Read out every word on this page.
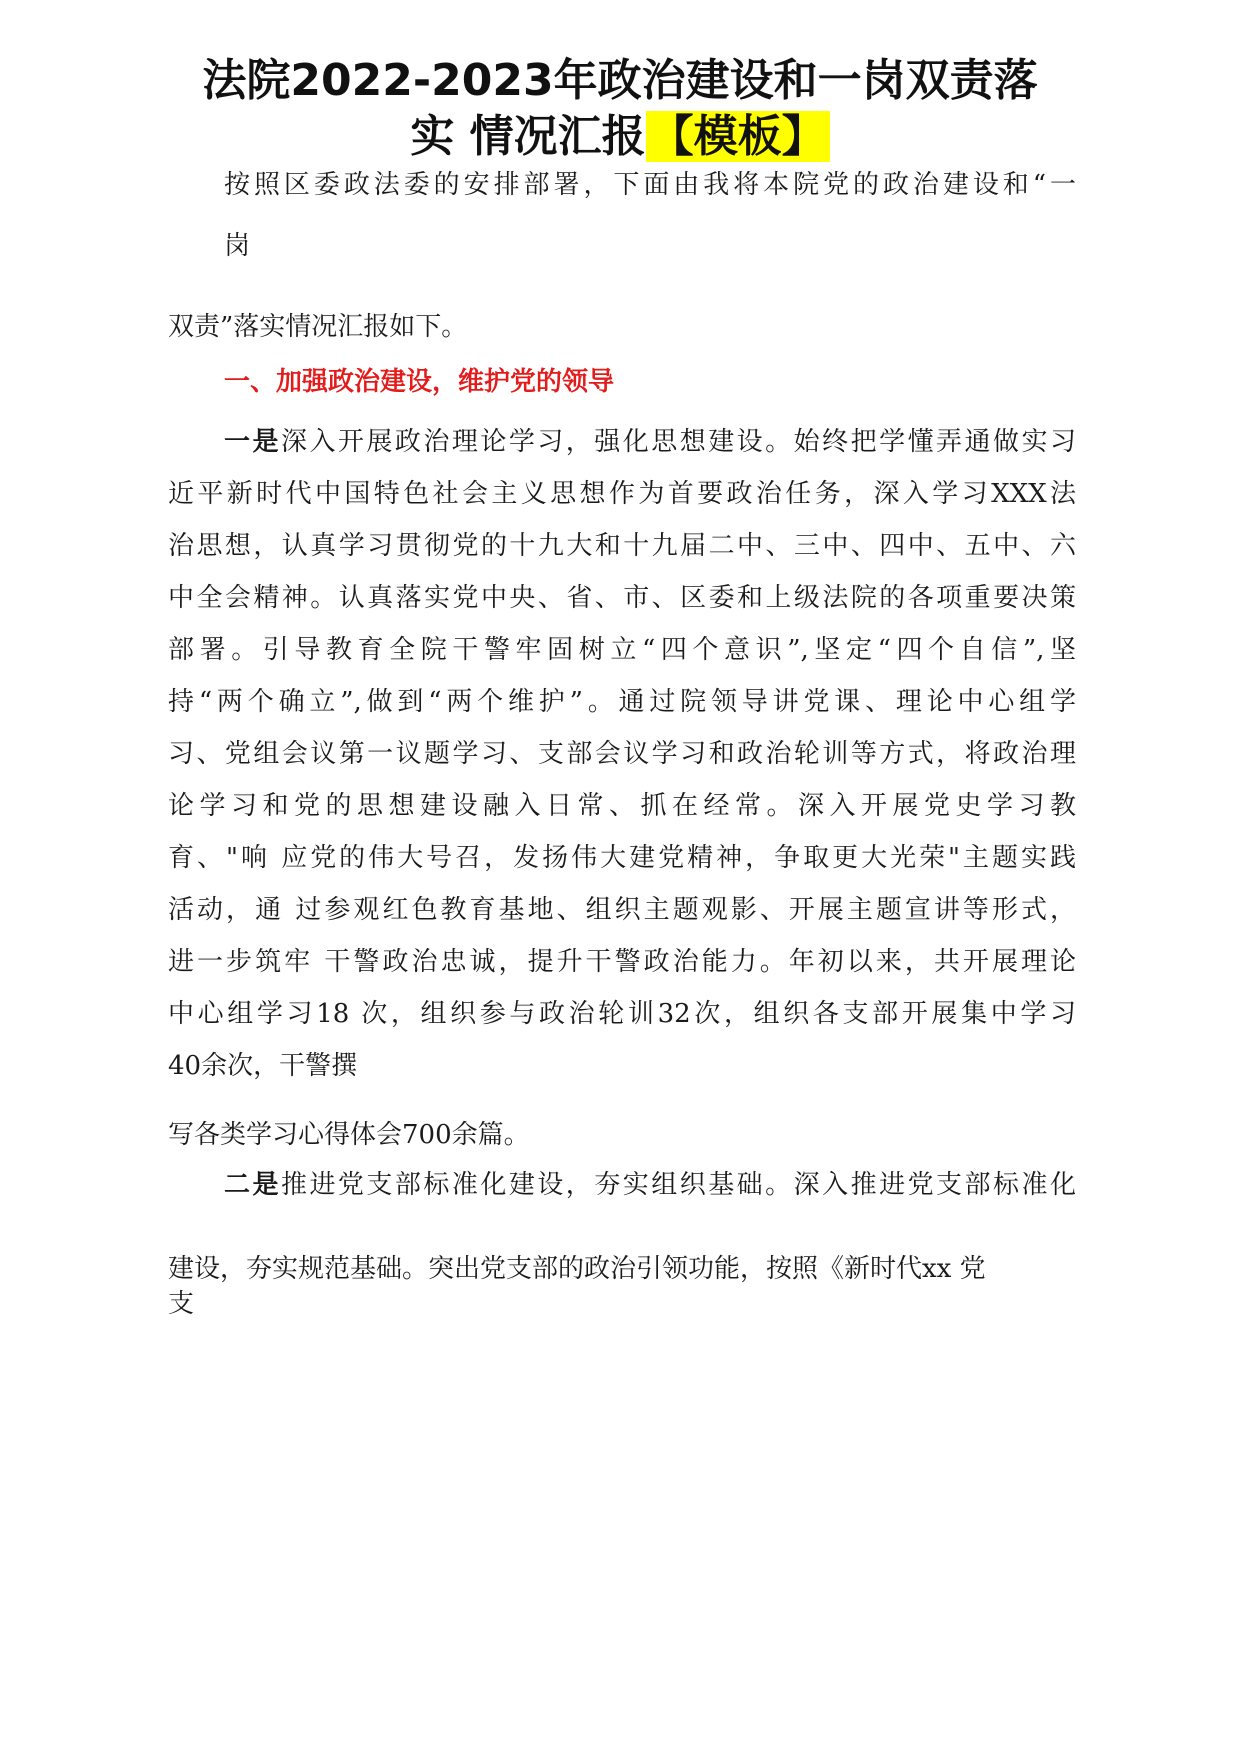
法院2022-2023年政治建设和一岗双责落
实 情况汇报【模板】
按照区委政法委的安排部署，下面由我将本院党的政治建设和“一
岗
双责”落实情况汇报如下。
一、加强政治建设，维护党的领导
一是深入开展政治理论学习，强化思想建设。始终把学懂弄通做实习
近平新时代中国特色社会主义思想作为首要政治任务，深入学习XXX法
治思想，认真学习贯彻党的十九大和十九届二中、三中、四中、五中、六
中全会精神。认真落实党中央、省、市、区委和上级法院的各项重要决策
部署。引导教育全院干警牢固树立“四个意识”,坚定“四个自信”,坚
持“两个确立”,做到“两个维护”。通过院领导讲党课、理论中心组学
习、党组会议第一议题学习、支部会议学习和政治轮训等方式，将政治理
论学习和党的思想建设融入日常、抓在经常。深入开展党史学习教
育、"响 应党的伟大号召，发扬伟大建党精神，争取更大光荣"主题实践
活动，通 过参观红色教育基地、组织主题观影、开展主题宣讲等形式，
进一步筑牢 干警政治忠诚，提升干警政治能力。年初以来，共开展理论
中心组学习18 次，组织参与政治轮训32次，组织各支部开展集中学习
40余次，干警撰
写各类学习心得体会700余篇。
二是推进党支部标准化建设，夯实组织基础。深入推进党支部标准化
建设，夯实规范基础。突出党支部的政治引领功能，按照《新时代xx 党
支
